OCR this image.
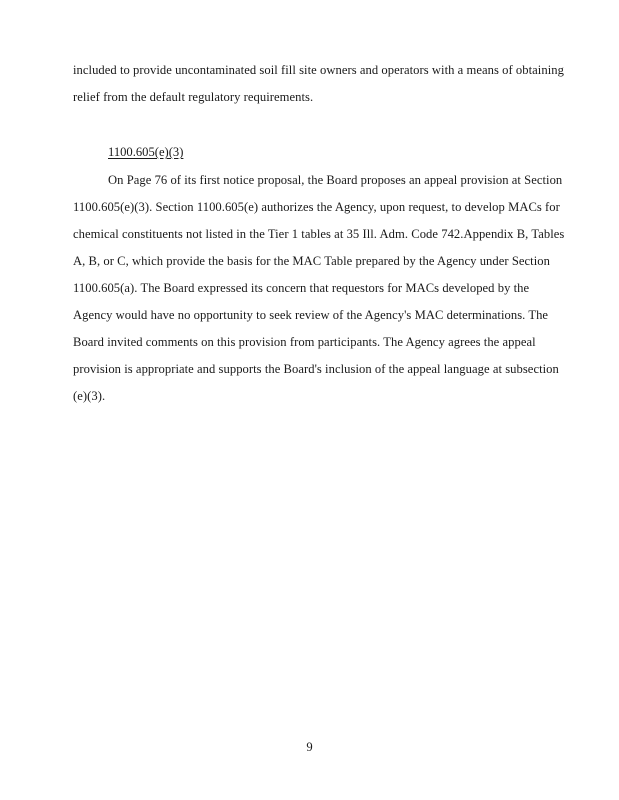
included to provide uncontaminated soil fill site owners and operators with a means of obtaining
relief from the default regulatory requirements.
1100.605(e)(3)
On Page 76 of its first notice proposal, the Board proposes an appeal provision at Section
1100.605(e)(3). Section 1100.605(e) authorizes the Agency, upon request, to develop MACs for
chemical constituents not listed in the Tier 1 tables at 35 Ill. Adm. Code 742.Appendix B, Tables
A, B, or C, which provide the basis for the MAC Table prepared by the Agency under Section
1100.605(a). The Board expressed its concern that requestors for MACs developed by the
Agency would have no opportunity to seek review of the Agency's MAC determinations. The
Board invited comments on this provision from participants. The Agency agrees the appeal
provision is appropriate and supports the Board's inclusion of the appeal language at subsection
(e)(3).
9
